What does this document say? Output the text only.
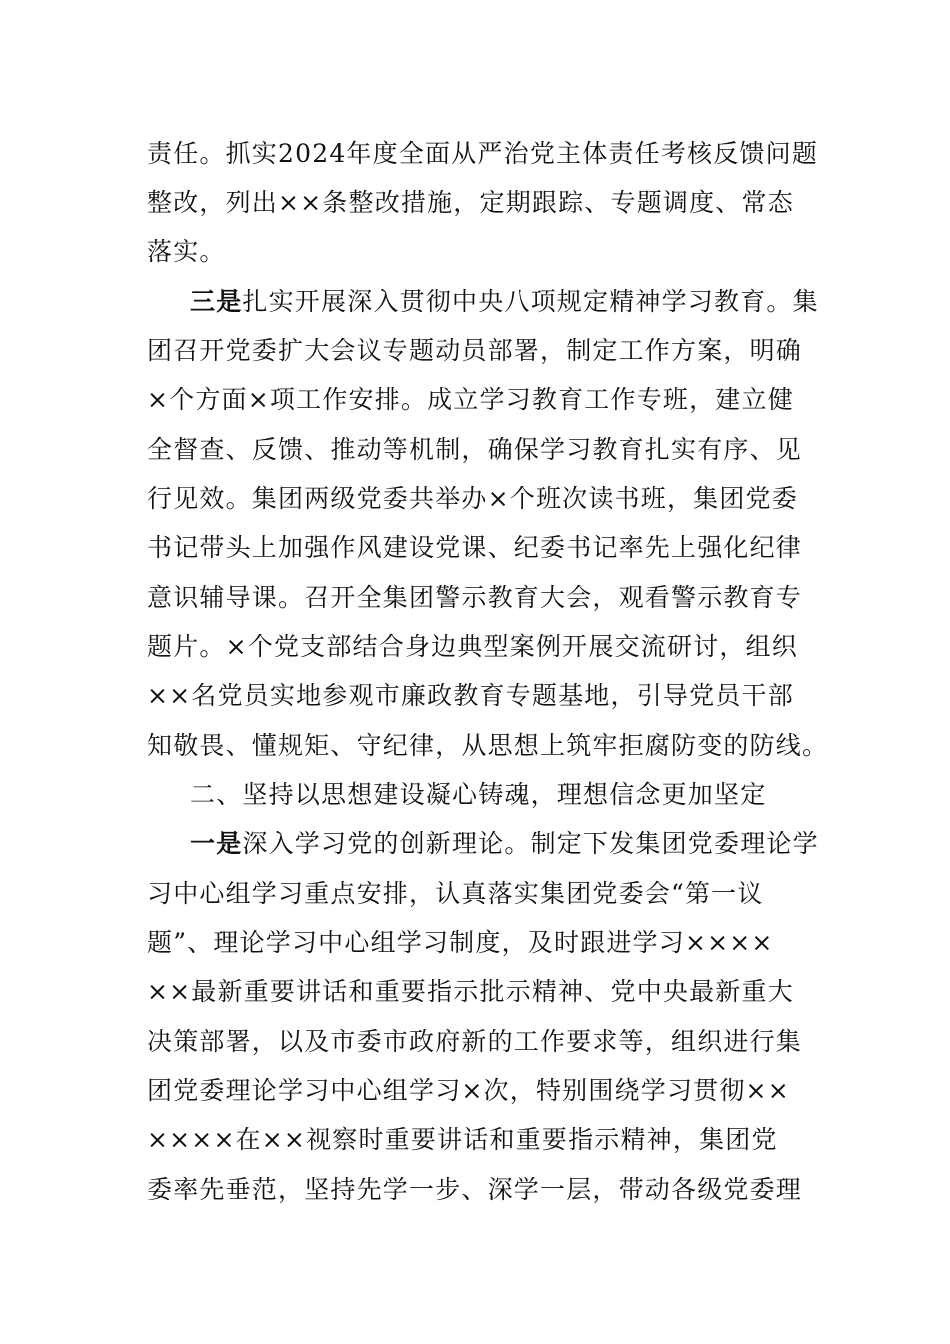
责任。抓实2024年度全面从严治党主体责任考核反馈问题
整改，列出××条整改措施，定期跟踪、专题调度、常态
落实。
三是扎实开展深入贯彻中央八项规定精神学习教育。集
团召开党委扩大会议专题动员部署，制定工作方案，明确
×个方面×项工作安排。成立学习教育工作专班，建立健
全督查、反馈、推动等机制，确保学习教育扎实有序、见
行见效。集团两级党委共举办×个班次读书班，集团党委
书记带头上加强作风建设党课、纪委书记率先上强化纪律
意识辅导课。召开全集团警示教育大会，观看警示教育专
题片。×个党支部结合身边典型案例开展交流研讨，组织
××名党员实地参观市廉政教育专题基地，引导党员干部
知敬畏、懂规矩、守纪律，从思想上筑牢拒腐防变的防线。
二、坚持以思想建设凝心铸魂，理想信念更加坚定
一是深入学习党的创新理论。制定下发集团党委理论学
习中心组学习重点安排，认真落实集团党委会“第一议
题”、理论学习中心组学习制度，及时跟进学习××××
××最新重要讲话和重要指示批示精神、党中央最新重大
决策部署，以及市委市政府新的工作要求等，组织进行集
团党委理论学习中心组学习×次，特别围绕学习贯彻××
××××在××视察时重要讲话和重要指示精神，集团党
委率先垂范，坚持先学一步、深学一层，带动各级党委理
